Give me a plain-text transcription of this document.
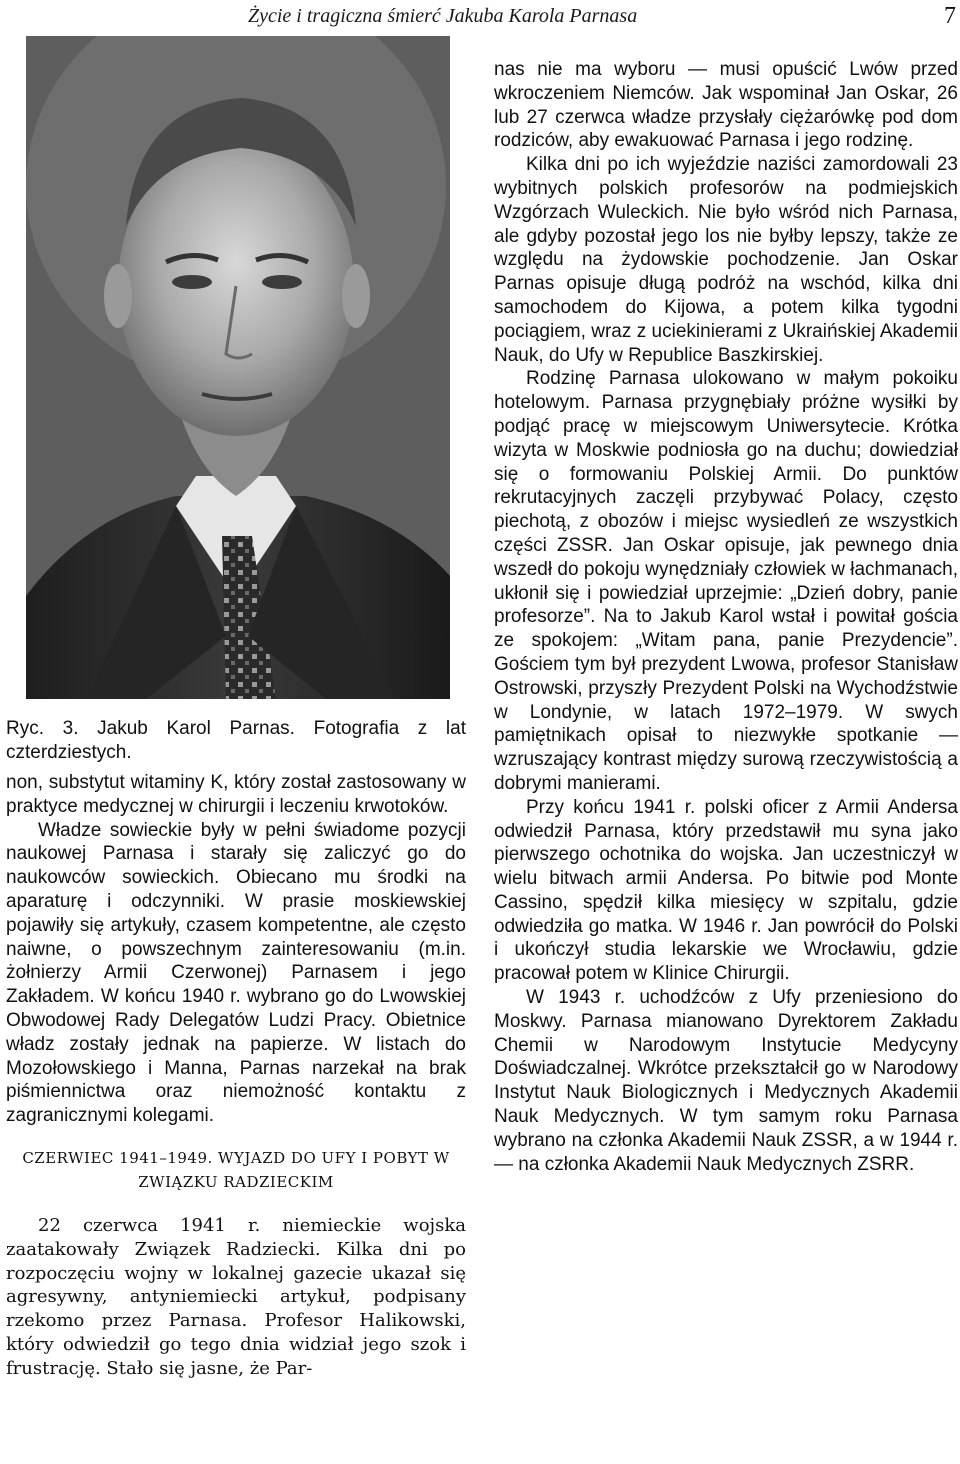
Życie i tragiczna śmierć Jakuba Karola Parnasa	7
Ryc. 3. Jakub Karol Parnas. Fotografia z lat czterdziestych.

non, substytut witaminy K, który został zastosowany w praktyce medycznej w chirurgii i leczeniu krwotoków.

Władze sowieckie były w pełni świadome pozycji naukowej Parnasa i starały się zaliczyć go do naukowców sowieckich. Obiecano mu środki na aparaturę i odczynniki. W prasie moskiewskiej pojawiły się artykuły, czasem kompetentne, ale często naiwne, o powszechnym zainteresowaniu (m.in. żołnierzy Armii Czerwonej) Parnasem i jego Zakładem. W końcu 1940 r. wybrano go do Lwowskiej Obwodowej Rady Delegatów Ludzi Pracy. Obietnice władz zostały jednak na papierze. W listach do Mozołowskiego i Manna, Parnas narzekał na brak piśmiennictwa oraz niemożność kontaktu z zagranicznymi kolegami.

CZERWIEC 1941–1949. WYJAZD DO UFY I POBYT W ZWIĄZKU RADZIECKIM

22 czerwca 1941 r. niemieckie wojska zaatakowały Związek Radziecki. Kilka dni po rozpoczęciu wojny w lokalnej gazecie ukazał się agresywny, antyniemiecki artykuł, podpisany rzekomo przez Parnasa. Profesor Halikowski, który odwiedził go tego dnia widział jego szok i frustrację. Stało się jasne, że Par-

nas nie ma wyboru — musi opuścić Lwów przed wkroczeniem Niemców. Jak wspominał Jan Oskar, 26 lub 27 czerwca władze przysłały ciężarówkę pod dom rodziców, aby ewakuować Parnasa i jego rodzinę.

Kilka dni po ich wyjeździe naziści zamordowali 23 wybitnych polskich profesorów na podmiejskich Wzgórzach Wuleckich. Nie było wśród nich Parnasa, ale gdyby pozostał jego los nie byłby lepszy, także ze względu na żydowskie pochodzenie. Jan Oskar Parnas opisuje długą podróż na wschód, kilka dni samochodem do Kijowa, a potem kilka tygodni pociągiem, wraz z uciekinierami z Ukraińskiej Akademii Nauk, do Ufy w Republice Baszkirskiej.

Rodzinę Parnasa ulokowano w małym pokoiku hotelowym. Parnasa przygnębiały próżne wysiłki by podjąć pracę w miejscowym Uniwersytecie. Krótka wizyta w Moskwie podniosła go na duchu; dowiedział się o formowaniu Polskiej Armii. Do punktów rekrutacyjnych zaczęli przybywać Polacy, często piechotą, z obozów i miejsc wysiedleń ze wszystkich części ZSSR. Jan Oskar opisuje, jak pewnego dnia wszedł do pokoju wynędzniały człowiek w łachmanach, ukłonił się i powiedział uprzejmie: „Dzień dobry, panie profesorze”. Na to Jakub Karol wstał i powitał gościa ze spokojem: „Witam pana, panie Prezydencie”. Gościem tym był prezydent Lwowa, profesor Stanisław Ostrowski, przyszły Prezydent Polski na Wychodźstwie w Londynie, w latach 1972–1979. W swych pamiętnikach opisał to niezwykłe spotkanie — wzruszający kontrast między surową rzeczywistością a dobrymi manierami.

Przy końcu 1941 r. polski oficer z Armii Andersa odwiedził Parnasa, który przedstawił mu syna jako pierwszego ochotnika do wojska. Jan uczestniczył w wielu bitwach armii Andersa. Po bitwie pod Monte Cassino, spędził kilka miesięcy w szpitalu, gdzie odwiedziła go matka. W 1946 r. Jan powrócił do Polski i ukończył studia lekarskie we Wrocławiu, gdzie pracował potem w Klinice Chirurgii.

W 1943 r. uchodźców z Ufy przeniesiono do Moskwy. Parnasa mianowano Dyrektorem Zakładu Chemii w Narodowym Instytucie Medycyny Doświadczalnej. Wkrótce przekształcił go w Narodowy Instytut Nauk Biologicznych i Medycznych Akademii Nauk Medycznych. W tym samym roku Parnasa wybrano na członka Akademii Nauk ZSSR, a w 1944 r. — na członka Akademii Nauk Medycznych ZSRR.
